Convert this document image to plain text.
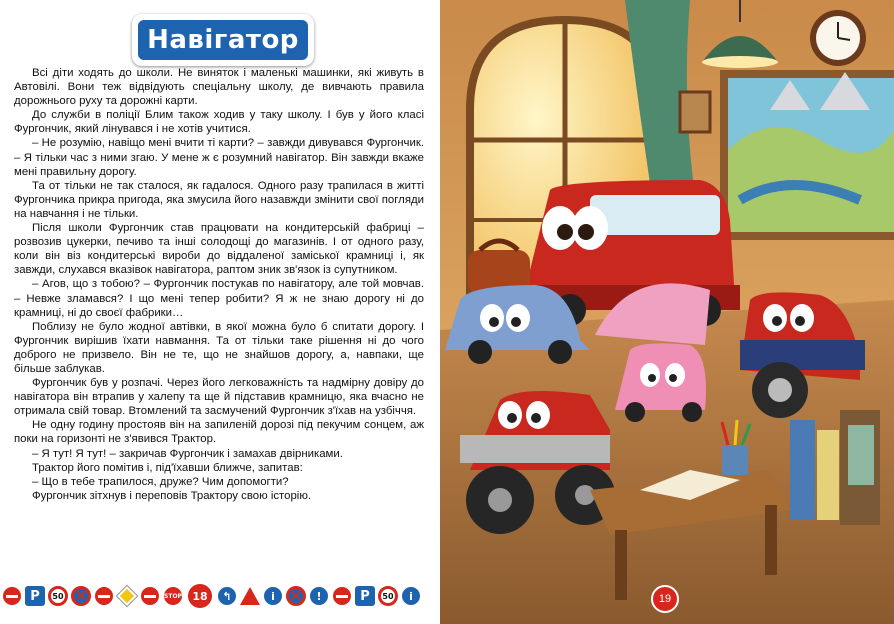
Навігатор

Всі діти ходять до школи. Не виняток і маленькі машинки, які живуть в Автовілі. Вони теж відвідують спеціальну школу, де вивчають правила дорожнього руху та дорожні карти.

До служби в поліції Блим також ходив у таку школу. І був у його класі Фургончик, який лінувався і не хотів учитися.

– Не розумію, навіщо мені вчити ті карти? – завжди дивувався Фургончик. – Я тільки час з ними згаю. У мене ж є розумний навігатор. Він завжди вкаже мені правильну дорогу.

Та от тільки не так сталося, як гадалося. Одного разу трапилася в житті Фургончика прикра пригода, яка змусила його назавжди змінити свої погляди на навчання і не тільки.

Після школи Фургончик став працювати на кондитерській фабриці – розвозив цукерки, печиво та інші солодощі до магазинів. І от одного разу, коли він віз кондитерські вироби до віддаленої заміської крамниці і, як завжди, слухався вказівок навігатора, раптом зник зв'язок із супутником.

– Агов, що з тобою? – Фургончик постукав по навігатору, але той мовчав. – Невже зламався? І що мені тепер робити? Я ж не знаю дорогу ні до крамниці, ні до своєї фабрики…

Поблизу не було жодної автівки, в якої можна було б спитати дорогу. І Фургончик вирішив їхати навмання. Та от тільки таке рішення ні до чого доброго не призвело. Він не те, що не знайшов дорогу, а, навпаки, ще більше заблукав.

Фургончик був у розпачі. Через його легковажність та надмірну довіру до навігатора він втрапив у халепу та ще й підставив крамницю, яка вчасно не отримала свій товар. Втомлений та засмучений Фургончик з'їхав на узбіччя.

Не одну годину простояв він на запиленій дорозі під пекучим сонцем, аж поки на горизонті не з'явився Трактор.

– Я тут! Я тут! – закричав Фургончик і замахав двірниками.

Трактор його помітив і, під'їхавши ближче, запитав:

– Що в тебе трапилося, друже? Чим допомогти?

Фургончик зітхнув і переповів Трактору свою історію.

P	50 ×	STOP 18	↰	i ×	!	P	50	i	19
